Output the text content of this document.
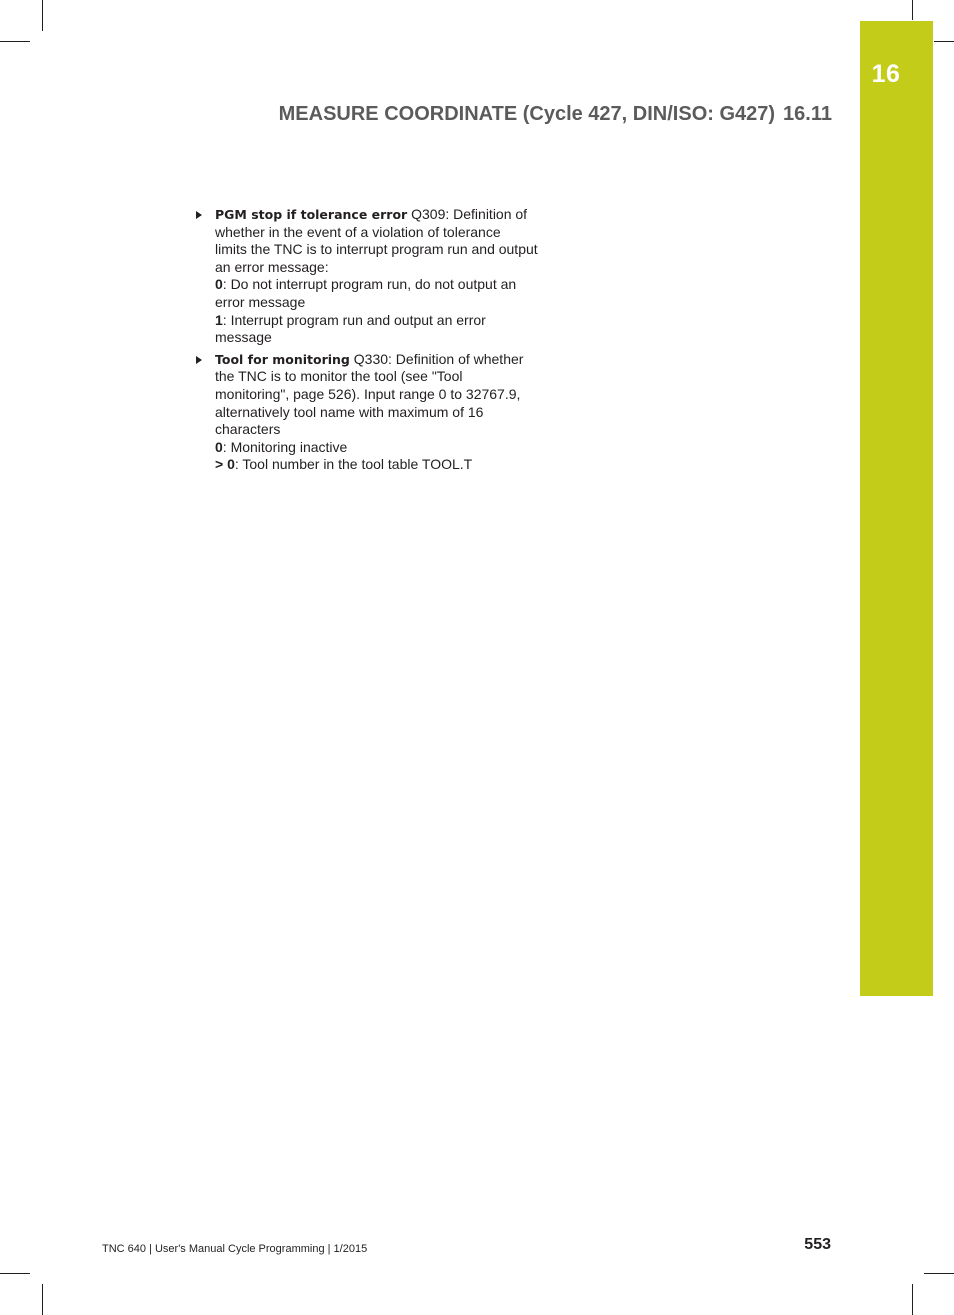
16
MEASURE COORDINATE (Cycle 427, DIN/ISO: G427) 16.11
PGM stop if tolerance error Q309: Definition of
whether in the event of a violation of tolerance
limits the TNC is to interrupt program run and output
an error message:
0: Do not interrupt program run, do not output an
error message
1: Interrupt program run and output an error
message
Tool for monitoring Q330: Definition of whether
the TNC is to monitor the tool (see "Tool
monitoring", page 526). Input range 0 to 32767.9,
alternatively tool name with maximum of 16
characters
0: Monitoring inactive
> 0: Tool number in the tool table TOOL.T
TNC 640 | User's Manual Cycle Programming | 1/2015	553
